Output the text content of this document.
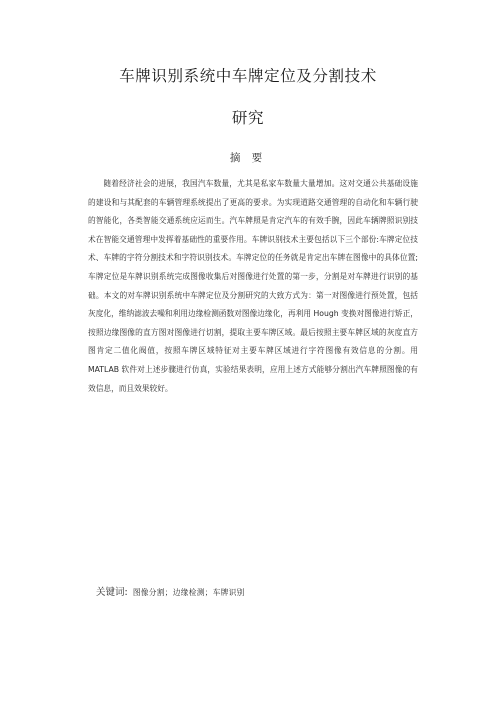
车牌识别系统中车牌定位及分割技术
研究
摘 要

随着经济社会的进展，我国汽车数量，尤其是私家车数量大量增加。这对交通公共基础设施的建设和与其配套的车辆管理系统提出了更高的要求。为实现道路交通管理的自动化和车辆行驶的智能化，各类智能交通系统应运而生。汽车牌照是肯定汽车的有效手腕，因此车辆牌照识别技术在智能交通管理中发挥着基础性的重要作用。车牌识别技术主要包括以下三个部份:车牌定位技术、车牌的字符分割技术和字符识别技术。车牌定位的任务就是肯定出车牌在图像中的具体位置;车牌定位是车牌识别系统完成图像收集后对图像进行处置的第一步，分割是对车牌进行识别的基础。本文的对车牌识别系统中车牌定位及分割研究的大致方式为：第一对图像进行预处置，包括灰度化，维纳滤波去噪和利用边缘检测函数对图像边缘化，再利用 Hough 变换对图像进行矫正，按照边缘图像的直方图对图像进行切割，提取主要车牌区域。最后按照主要车牌区域的灰度直方图肯定二值化阀值，按照车牌区域特征对主要车牌区域进行字符图像有效信息的分割。用 MATLAB 软件对上述步骤进行仿真，实验结果表明，应用上述方式能够分割出汽车牌照图像的有效信息，而且效果较好。

关键词: 图像分割；边缘检测；车牌识别
